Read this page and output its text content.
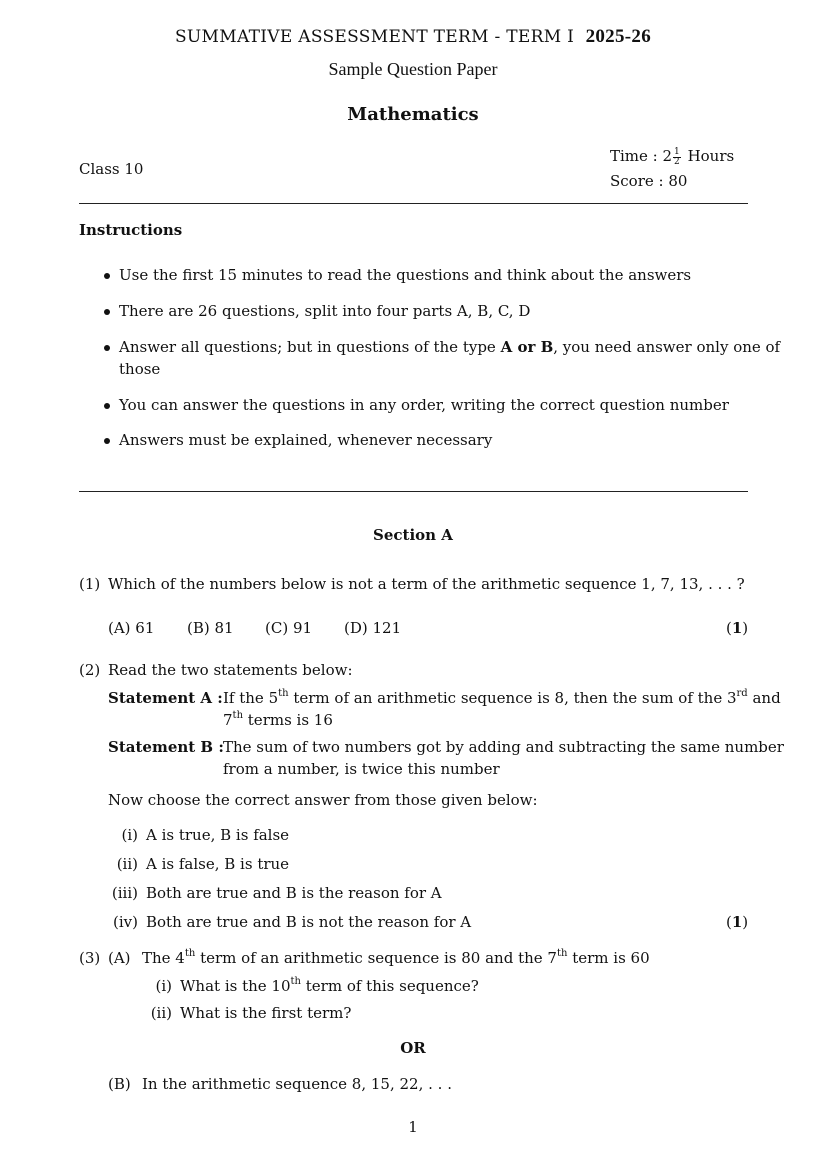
SUMMATIVE ASSESSMENT TERM - TERM I 2025-26
Sample Question Paper
Mathematics
Class 10
Time : $2 \frac{1}{2}$ Hours
Score : 80
Instructions
Use the first 15 minutes to read the questions and think about the answers
There are 26 questions, split into four parts A, B, C, D
Answer all questions; but in questions of the type A or B, you need answer only one of
those
You can answer the questions in any order, writing the correct question number
Answers must be explained, whenever necessary
Section A
(1) Which of the numbers below is not a term of the arithmetic sequence 1, 7, 13, . . . ?
(A) 61 (B) 81 (C) 91 (D) 121	(1)
(2) Read the two statements below:
Statement A : If the 5th term of an arithmetic sequence is 8, then the sum of the 3rd and
7th terms is 16
Statement B : The sum of two numbers got by adding and subtracting the same number
from a number, is twice this number
Now choose the correct answer from those given below:
(i) A is true, B is false
(ii) A is false, B is true
(iii) Both are true and B is the reason for A
(iv) Both are true and B is not the reason for A	(1)
(3) (A) The 4th term of an arithmetic sequence is 80 and the 7th term is 60
(i) What is the 10th term of this sequence?
(ii) What is the first term?
OR
(B) In the arithmetic sequence 8, 15, 22, . . .
1
